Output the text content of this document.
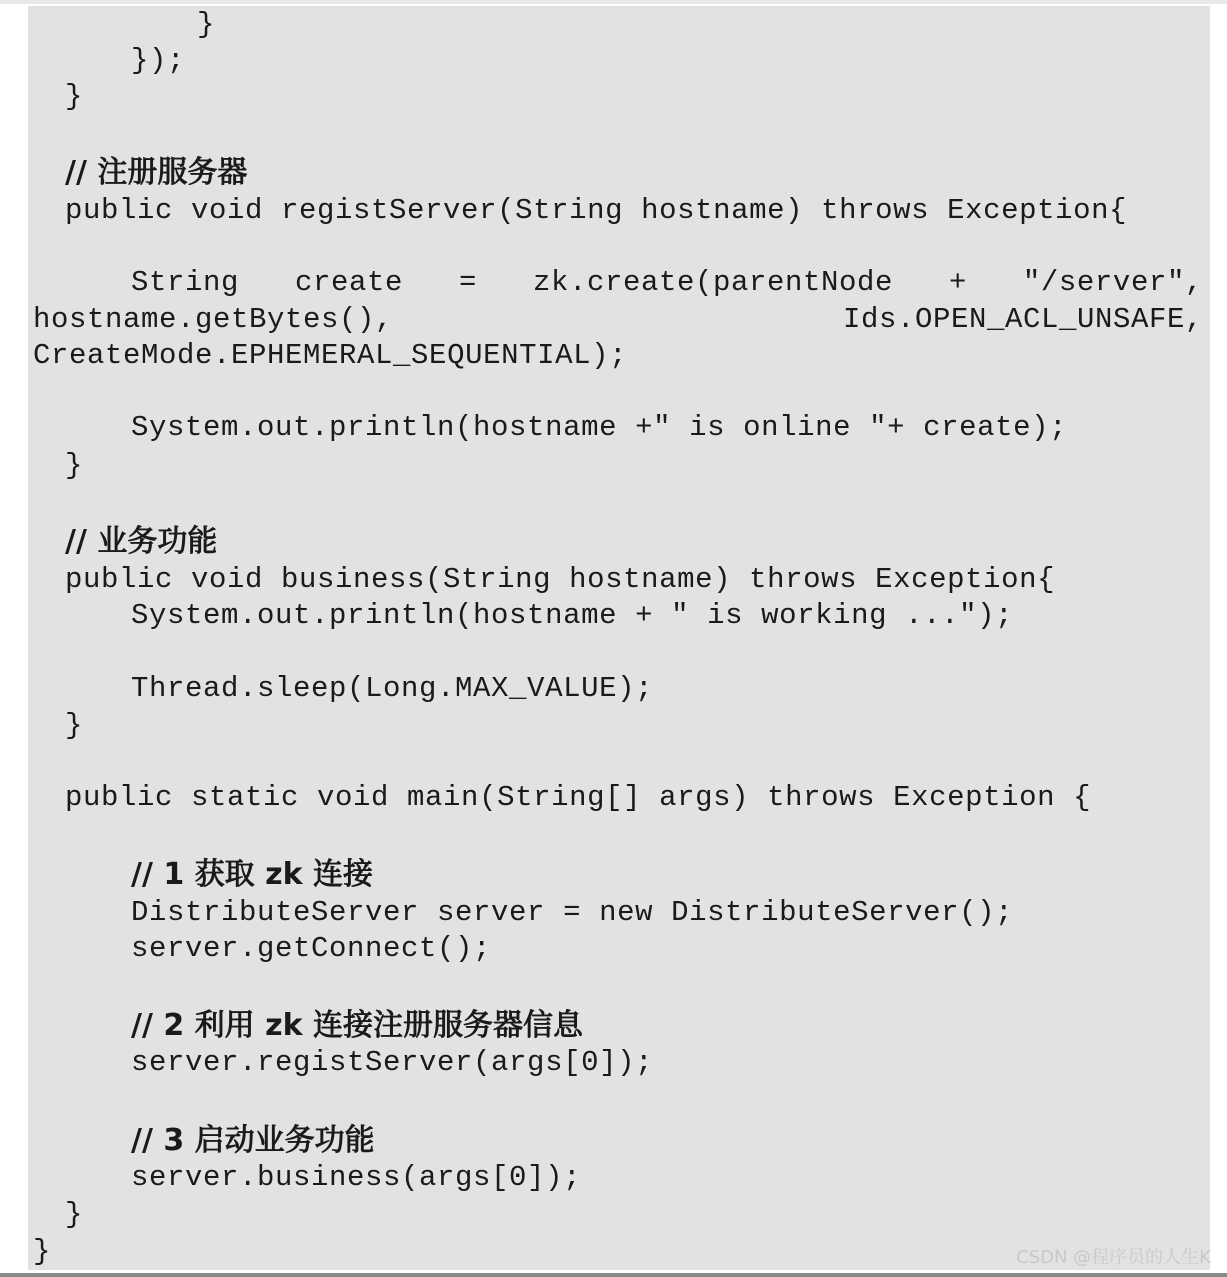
}
});
}
// 注册服务器
public void registServer(String hostname) throws Exception{
String create = zk.create(parentNode + "/server",
hostname.getBytes(),	Ids.OPEN_ACL_UNSAFE,
CreateMode.EPHEMERAL_SEQUENTIAL);
System.out.println(hostname +" is online "+ create);
}
// 业务功能
public void business(String hostname) throws Exception{
System.out.println(hostname + " is working ...");
Thread.sleep(Long.MAX_VALUE);
}
public static void main(String[] args) throws Exception {
// 1 获取 zk 连接
DistributeServer server = new DistributeServer();
server.getConnect();
// 2 利用 zk 连接注册服务器信息
server.registServer(args[0]);
// 3 启动业务功能
server.business(args[0]);
}
}	CSDN @程序员的人生K
